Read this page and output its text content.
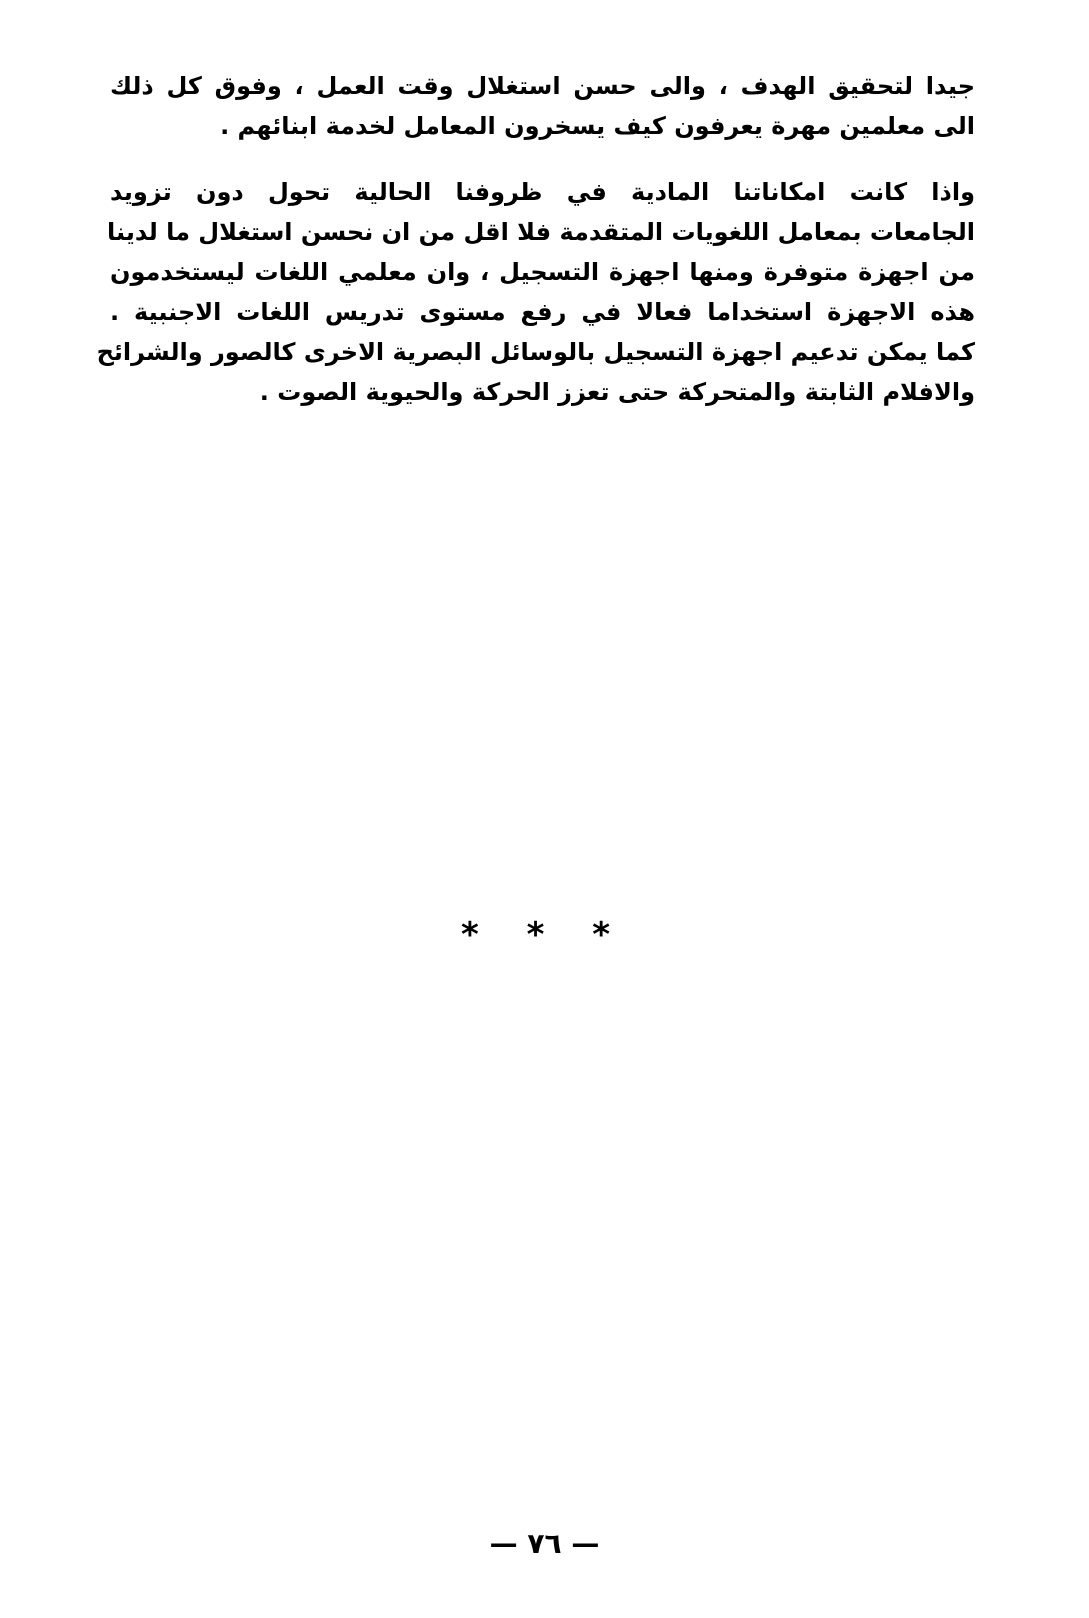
جيدا لتحقيق الهدف ، والى حسن استغلال وقت العمل ، وفوق كل ذلك
الى معلمين مهرة يعرفون كيف يسخرون المعامل لخدمة ابنائهم .
واذا كانت امكاناتنا المادية في ظروفنا الحالية تحول دون تزويد
الجامعات بمعامل اللغويات المتقدمة فلا اقل من ان نحسن استغلال ما لدينا
من اجهزة متوفرة ومنها اجهزة التسجيل ، وان معلمي اللغات ليستخدمون
هذه الاجهزة استخداما فعالا في رفع مستوى تدريس اللغات الاجنبية .
كما يمكن تدعيم اجهزة التسجيل بالوسائل البصرية الاخرى كالصور والشرائح
والافلام الثابتة والمتحركة حتى تعزز الحركة والحيوية الصوت .
* * *
— ٧٦ —
